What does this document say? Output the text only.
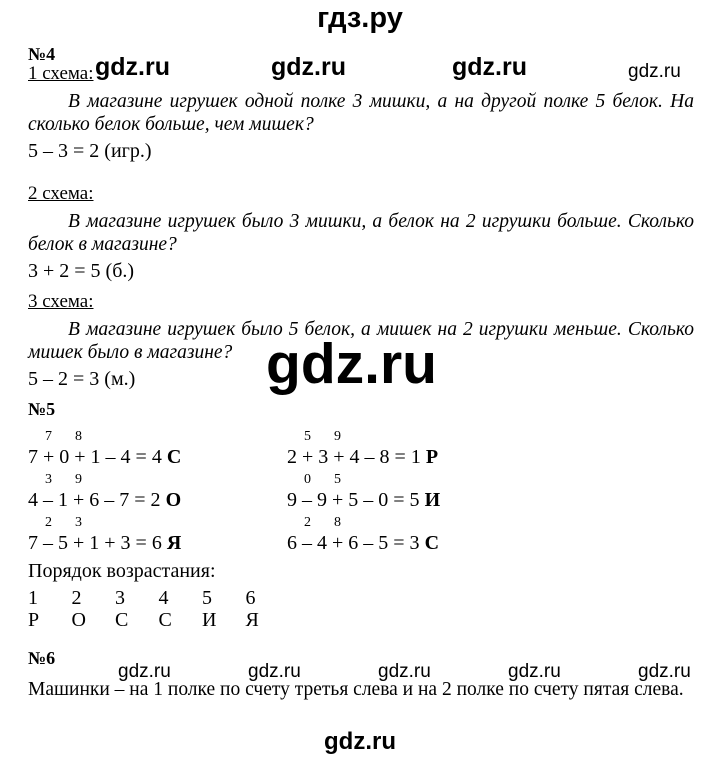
гдз.ру
gdz.ru	gdz.ru	gdz.ru	gdz.ru
№4
1 схема:

В магазине игрушек одной полке 3 мишки, а на другой полке 5 белок. На сколько белок больше, чем мишек?

5 – 3 = 2 (игр.)
2 схема:

В магазине игрушек было 3 мишки, а белок на 2 игрушки больше. Сколько белок в магазине?

3 + 2 = 5 (б.)
3 схема:

В магазине игрушек было 5 белок, а мишек на 2 игрушки меньше. Сколько мишек было в магазине?

5 – 2 = 3 (м.)	gdz.ru
№5
7 8
7 + 0 + 1 – 4 = 4 С
3 9
4 – 1 + 6 – 7 = 2 О
2 3
7 – 5 + 1 + 3 = 6 Я
5 9
2 + 3 + 4 – 8 = 1 Р
0 5
9 – 9 + 5 – 0 = 5 И
2 8
6 – 4 + 6 – 5 = 3 С
Порядок возрастания:
1 2 3 4 5 6
Р О С С И Я
№6
gdz.ru	gdz.ru	gdz.ru	gdz.ru	gdz.ru
Машинки – на 1 полке по счету третья слева и на 2 полке по счету пятая слева.
gdz.ru
